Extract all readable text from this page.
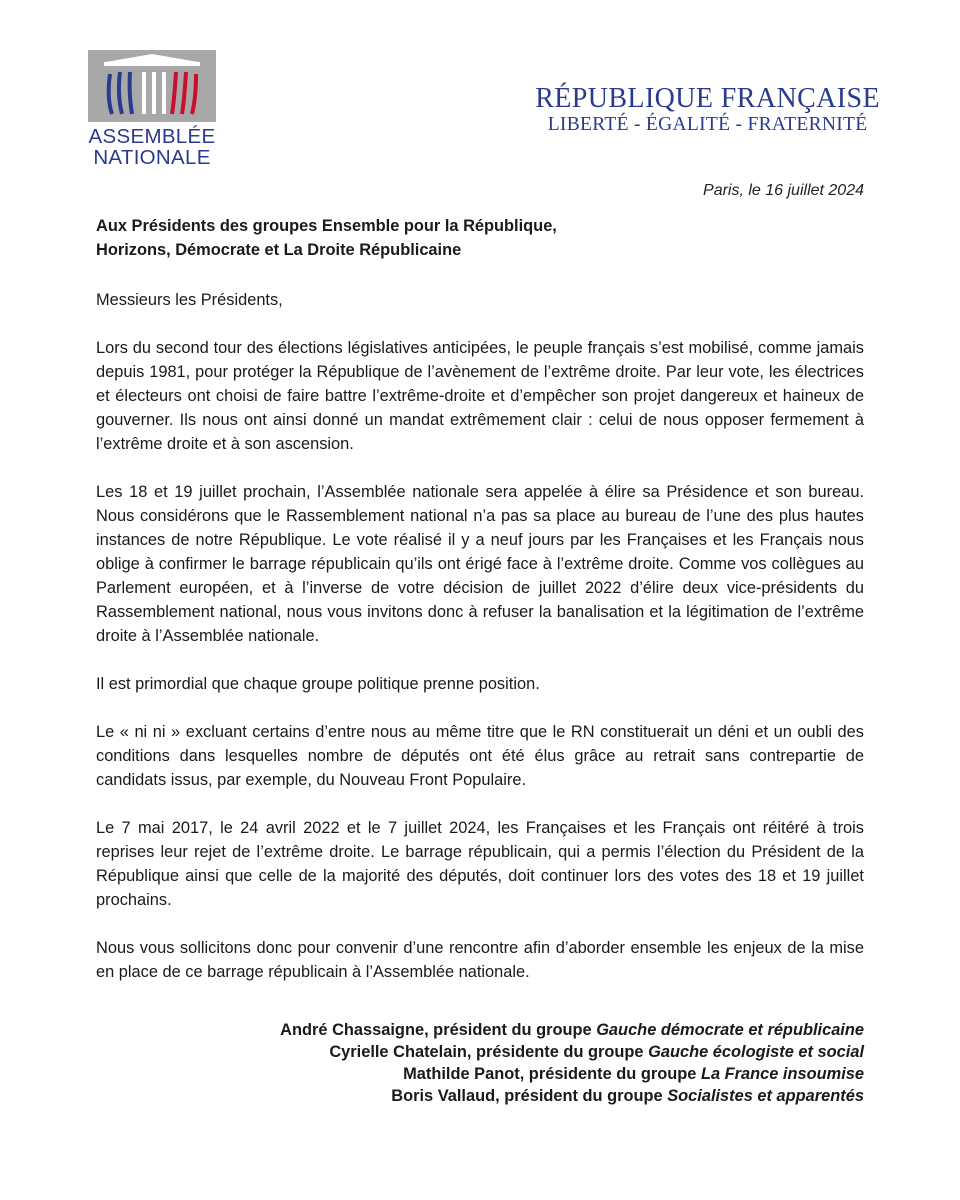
ASSEMBLÉE
NATIONALE
RÉPUBLIQUE FRANÇAISE
LIBERTÉ - ÉGALITÉ - FRATERNITÉ
Paris, le 16 juillet 2024
Aux Présidents des groupes Ensemble pour la République,
Horizons, Démocrate et La Droite Républicaine

Messieurs les Présidents,

Lors du second tour des élections législatives anticipées, le peuple français s’est mobilisé, comme jamais depuis 1981, pour protéger la République de l’avènement de l’extrême droite. Par leur vote, les électrices et électeurs ont choisi de faire battre l’extrême-droite et d’empêcher son projet dangereux et haineux de gouverner. Ils nous ont ainsi donné un mandat extrêmement clair : celui de nous opposer fermement à l’extrême droite et à son ascension.

Les 18 et 19 juillet prochain, l’Assemblée nationale sera appelée à élire sa Présidence et son bureau. Nous considérons que le Rassemblement national n’a pas sa place au bureau de l’une des plus hautes instances de notre République. Le vote réalisé il y a neuf jours par les Françaises et les Français nous oblige à confirmer le barrage républicain qu’ils ont érigé face à l’extrême droite. Comme vos collègues au Parlement européen, et à l’inverse de votre décision de juillet 2022 d’élire deux vice-présidents du Rassemblement national, nous vous invitons donc à refuser la banalisation et la légitimation de l’extrême droite à l’Assemblée nationale.

Il est primordial que chaque groupe politique prenne position.

Le « ni ni » excluant certains d’entre nous au même titre que le RN constituerait un déni et un oubli des conditions dans lesquelles nombre de députés ont été élus grâce au retrait sans contrepartie de candidats issus, par exemple, du Nouveau Front Populaire.

Le 7 mai 2017, le 24 avril 2022 et le 7 juillet 2024, les Françaises et les Français ont réitéré à trois reprises leur rejet de l’extrême droite. Le barrage républicain, qui a permis l’élection du Président de la République ainsi que celle de la majorité des députés, doit continuer lors des votes des 18 et 19 juillet prochains.

Nous vous sollicitons donc pour convenir d’une rencontre afin d’aborder ensemble les enjeux de la mise en place de ce barrage républicain à l’Assemblée nationale.

André Chassaigne, président du groupe Gauche démocrate et républicaine
Cyrielle Chatelain, présidente du groupe Gauche écologiste et social
Mathilde Panot, présidente du groupe La France insoumise
Boris Vallaud, président du groupe Socialistes et apparentés
